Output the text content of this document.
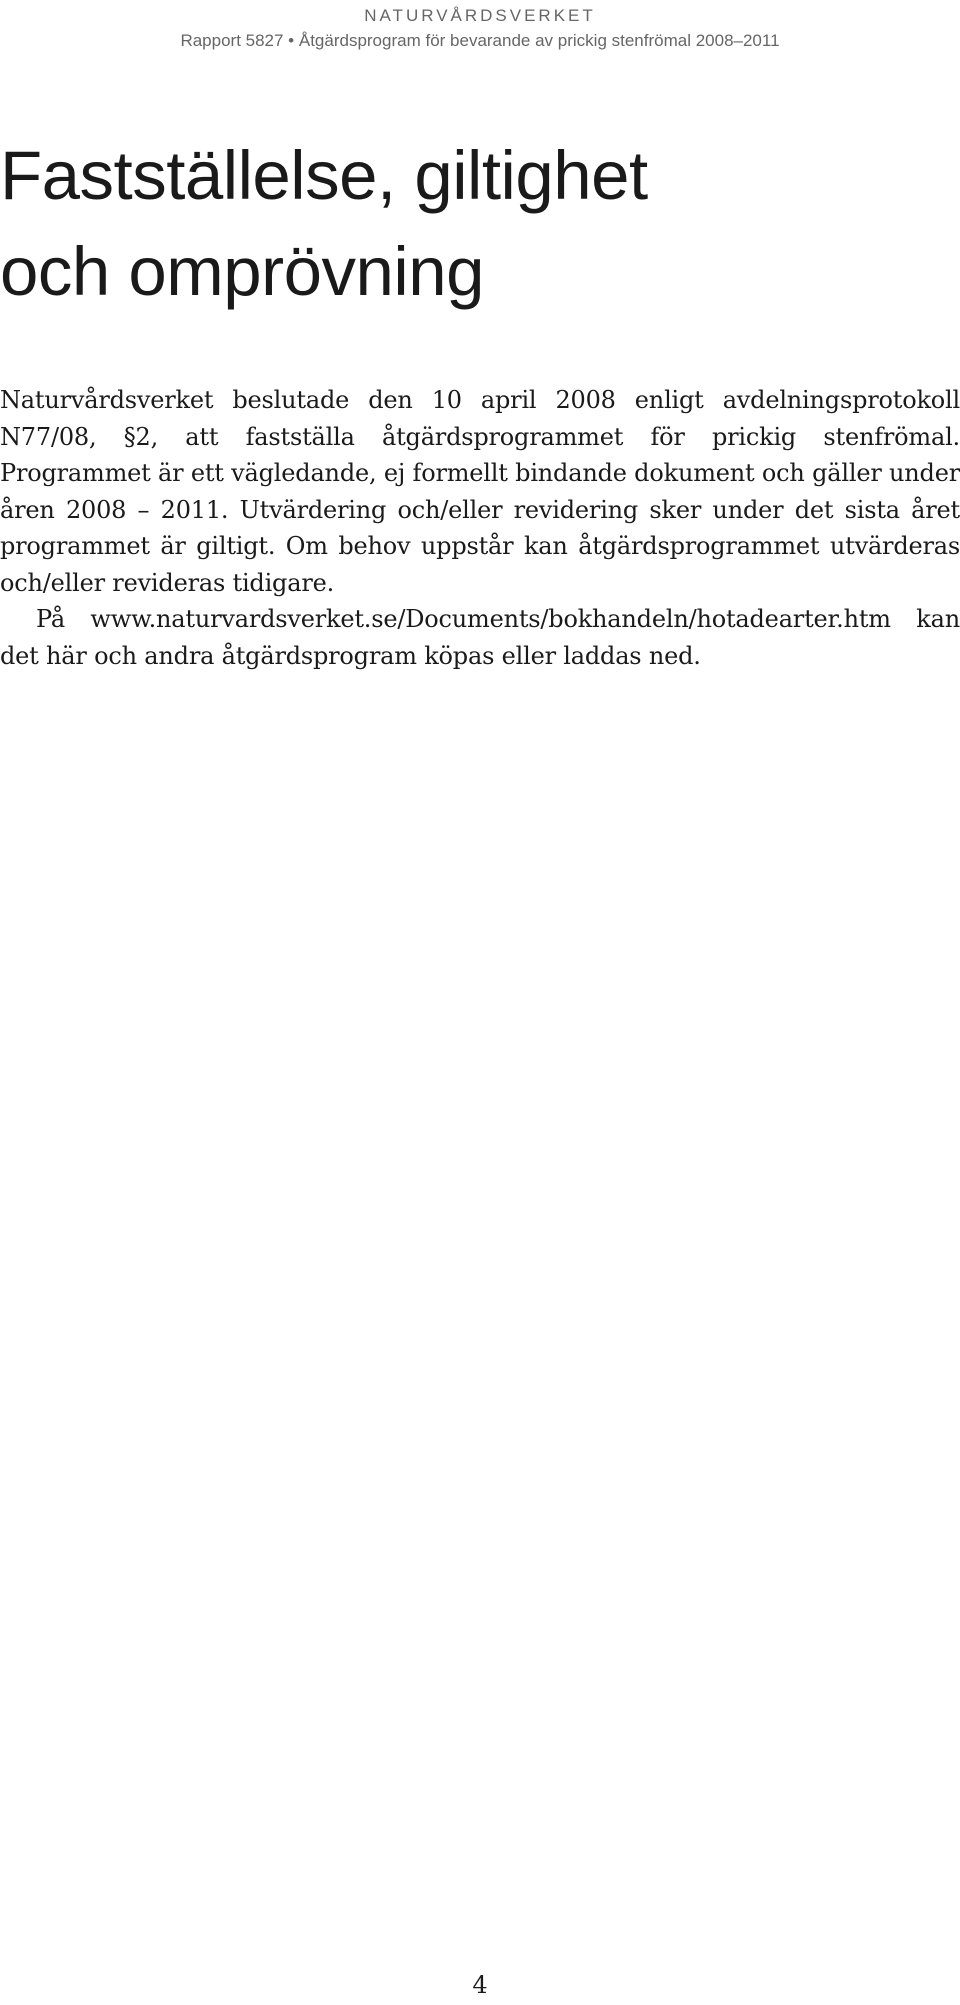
NATURVÅRDSVERKET
Rapport 5827 • Åtgärdsprogram för bevarande av prickig stenfrömal 2008–2011
Fastställelse, giltighet
och omprövning

Naturvårdsverket beslutade den 10 april 2008 enligt avdelningsprotokoll N77/08, §2, att fastställa åtgärdsprogrammet för prickig stenfrömal. Programmet är ett vägledande, ej formellt bindande dokument och gäller under åren 2008 – 2011. Utvärdering och/eller revidering sker under det sista året programmet är giltigt. Om behov uppstår kan åtgärdsprogrammet utvärderas och/eller revideras tidigare.

På www.naturvardsverket.se/Documents/bokhandeln/hotadearter.htm kan det här och andra åtgärdsprogram köpas eller laddas ned.

4
